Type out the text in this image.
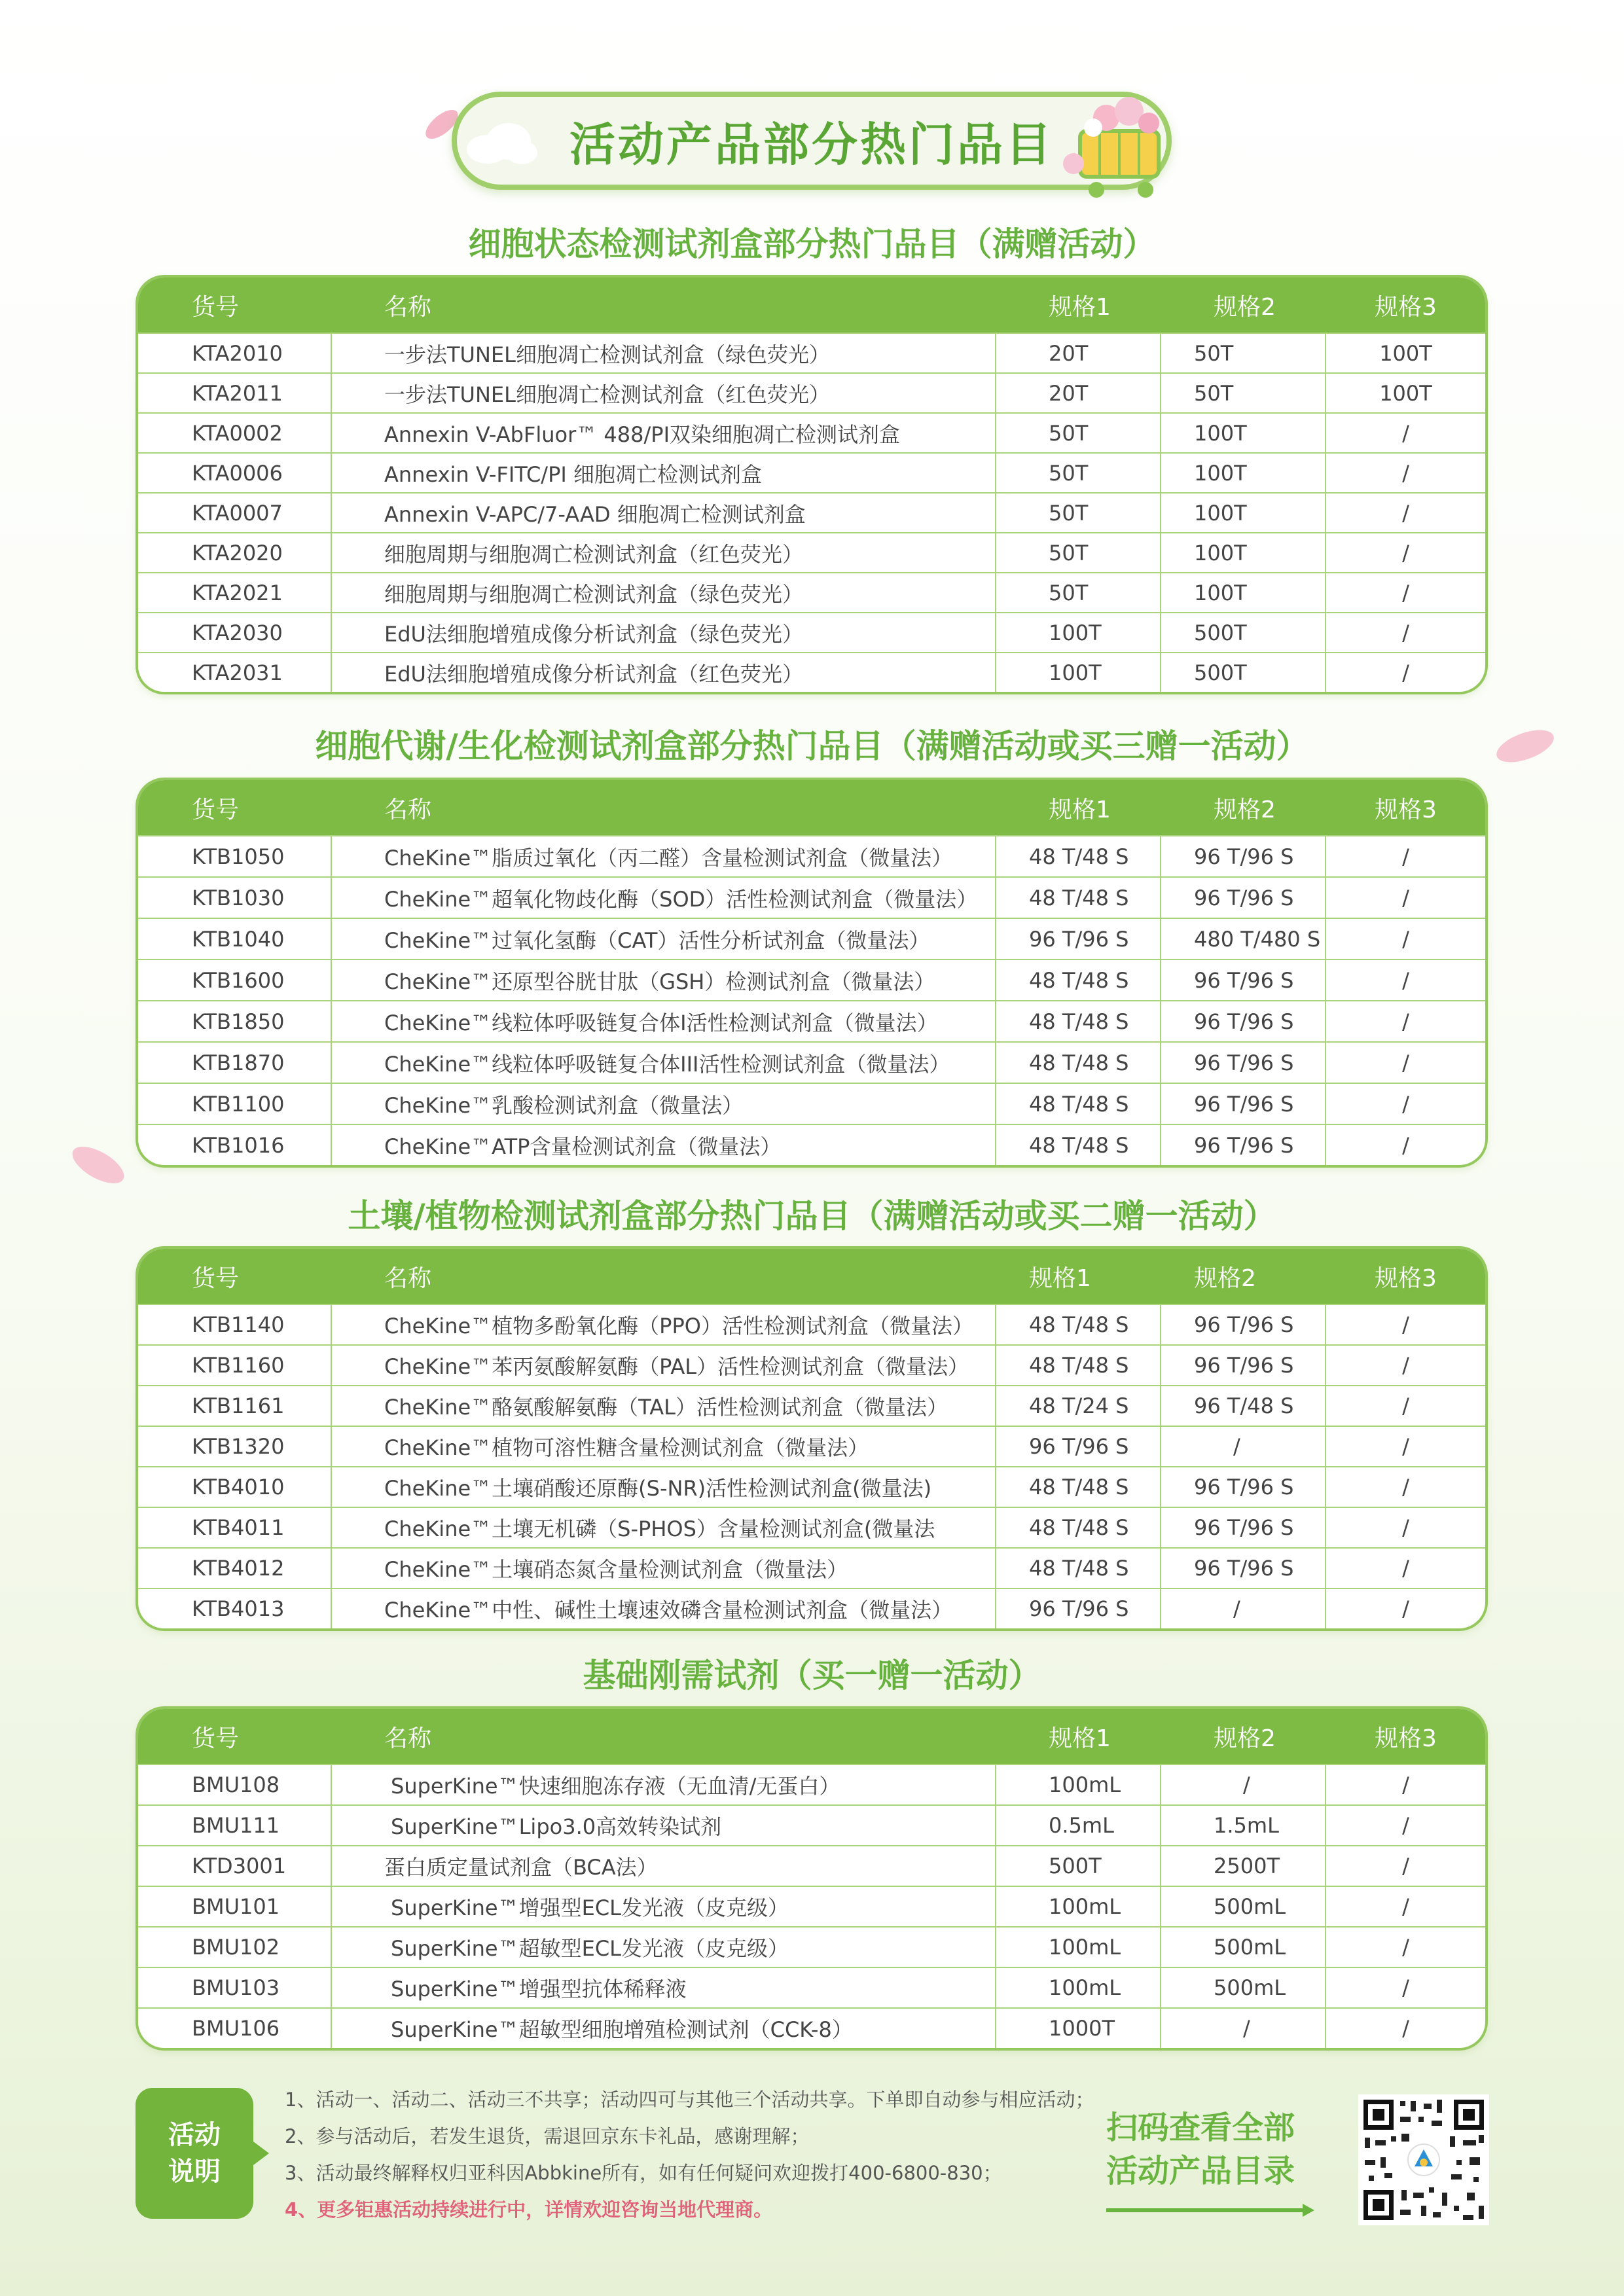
活动产品部分热门品目
细胞状态检测试剂盒部分热门品目（满赠活动）
货号	名称	规格1	规格2	规格3
KTA2010	一步法TUNEL细胞凋亡检测试剂盒（绿色荧光）	20T	50T	100T
KTA2011	一步法TUNEL细胞凋亡检测试剂盒（红色荧光）	20T	50T	100T
KTA0002	Annexin V-AbFluor™ 488/PI双染细胞凋亡检测试剂盒	50T	100T	/
KTA0006	Annexin V-FITC/PI 细胞凋亡检测试剂盒	50T	100T	/
KTA0007	Annexin V-APC/7-AAD 细胞凋亡检测试剂盒	50T	100T	/
KTA2020	细胞周期与细胞凋亡检测试剂盒（红色荧光）	50T	100T	/
KTA2021	细胞周期与细胞凋亡检测试剂盒（绿色荧光）	50T	100T	/
KTA2030	EdU法细胞增殖成像分析试剂盒（绿色荧光）	100T	500T	/
KTA2031	EdU法细胞增殖成像分析试剂盒（红色荧光）	100T	500T	/
细胞代谢/生化检测试剂盒部分热门品目（满赠活动或买三赠一活动）
货号	名称	规格1	规格2	规格3
KTB1050	CheKine™脂质过氧化（丙二醛）含量检测试剂盒（微量法）	48 T/48 S	96 T/96 S	/
KTB1030	CheKine™超氧化物歧化酶（SOD）活性检测试剂盒（微量法）	48 T/48 S	96 T/96 S	/
KTB1040	CheKine™过氧化氢酶（CAT）活性分析试剂盒（微量法）	96 T/96 S	480 T/480 S	/
KTB1600	CheKine™还原型谷胱甘肽（GSH）检测试剂盒（微量法）	48 T/48 S	96 T/96 S	/
KTB1850	CheKine™线粒体呼吸链复合体I活性检测试剂盒（微量法）	48 T/48 S	96 T/96 S	/
KTB1870	CheKine™线粒体呼吸链复合体III活性检测试剂盒（微量法）	48 T/48 S	96 T/96 S	/
KTB1100	CheKine™乳酸检测试剂盒（微量法）	48 T/48 S	96 T/96 S	/
KTB1016	CheKine™ATP含量检测试剂盒（微量法）	48 T/48 S	96 T/96 S	/
土壤/植物检测试剂盒部分热门品目（满赠活动或买二赠一活动）
货号	名称	规格1	规格2	规格3
KTB1140	CheKine™植物多酚氧化酶（PPO）活性检测试剂盒（微量法）	48 T/48 S	96 T/96 S	/
KTB1160	CheKine™苯丙氨酸解氨酶（PAL）活性检测试剂盒（微量法）	48 T/48 S	96 T/96 S	/
KTB1161	CheKine™酪氨酸解氨酶（TAL）活性检测试剂盒（微量法）	48 T/24 S	96 T/48 S	/
KTB1320	CheKine™植物可溶性糖含量检测试剂盒（微量法）	96 T/96 S	/	/
KTB4010	CheKine™土壤硝酸还原酶(S-NR)活性检测试剂盒(微量法)	48 T/48 S	96 T/96 S	/
KTB4011	CheKine™土壤无机磷（S-PHOS）含量检测试剂盒(微量法	48 T/48 S	96 T/96 S	/
KTB4012	CheKine™土壤硝态氮含量检测试剂盒（微量法）	48 T/48 S	96 T/96 S	/
KTB4013	CheKine™中性、碱性土壤速效磷含量检测试剂盒（微量法）	96 T/96 S	/	/
基础刚需试剂（买一赠一活动）
货号	名称	规格1	规格2	规格3
BMU108	SuperKine™快速细胞冻存液（无血清/无蛋白）	100mL	/	/
BMU111	SuperKine™Lipo3.0高效转染试剂	0.5mL	1.5mL	/
KTD3001	蛋白质定量试剂盒（BCA法）	500T	2500T	/
BMU101	SuperKine™增强型ECL发光液（皮克级）	100mL	500mL	/
BMU102	SuperKine™超敏型ECL发光液（皮克级）	100mL	500mL	/
BMU103	SuperKine™增强型抗体稀释液	100mL	500mL	/
BMU106	SuperKine™超敏型细胞增殖检测试剂（CCK-8）	1000T	/	/
活动
说明
1、活动一、活动二、活动三不共享；活动四可与其他三个活动共享。下单即自动参与相应活动；
2、参与活动后，若发生退货，需退回京东卡礼品，感谢理解；
3、活动最终解释权归亚科因Abbkine所有，如有任何疑问欢迎拨打400-6800-830；
4、更多钜惠活动持续进行中，详情欢迎咨询当地代理商。
扫码查看全部
活动产品目录
